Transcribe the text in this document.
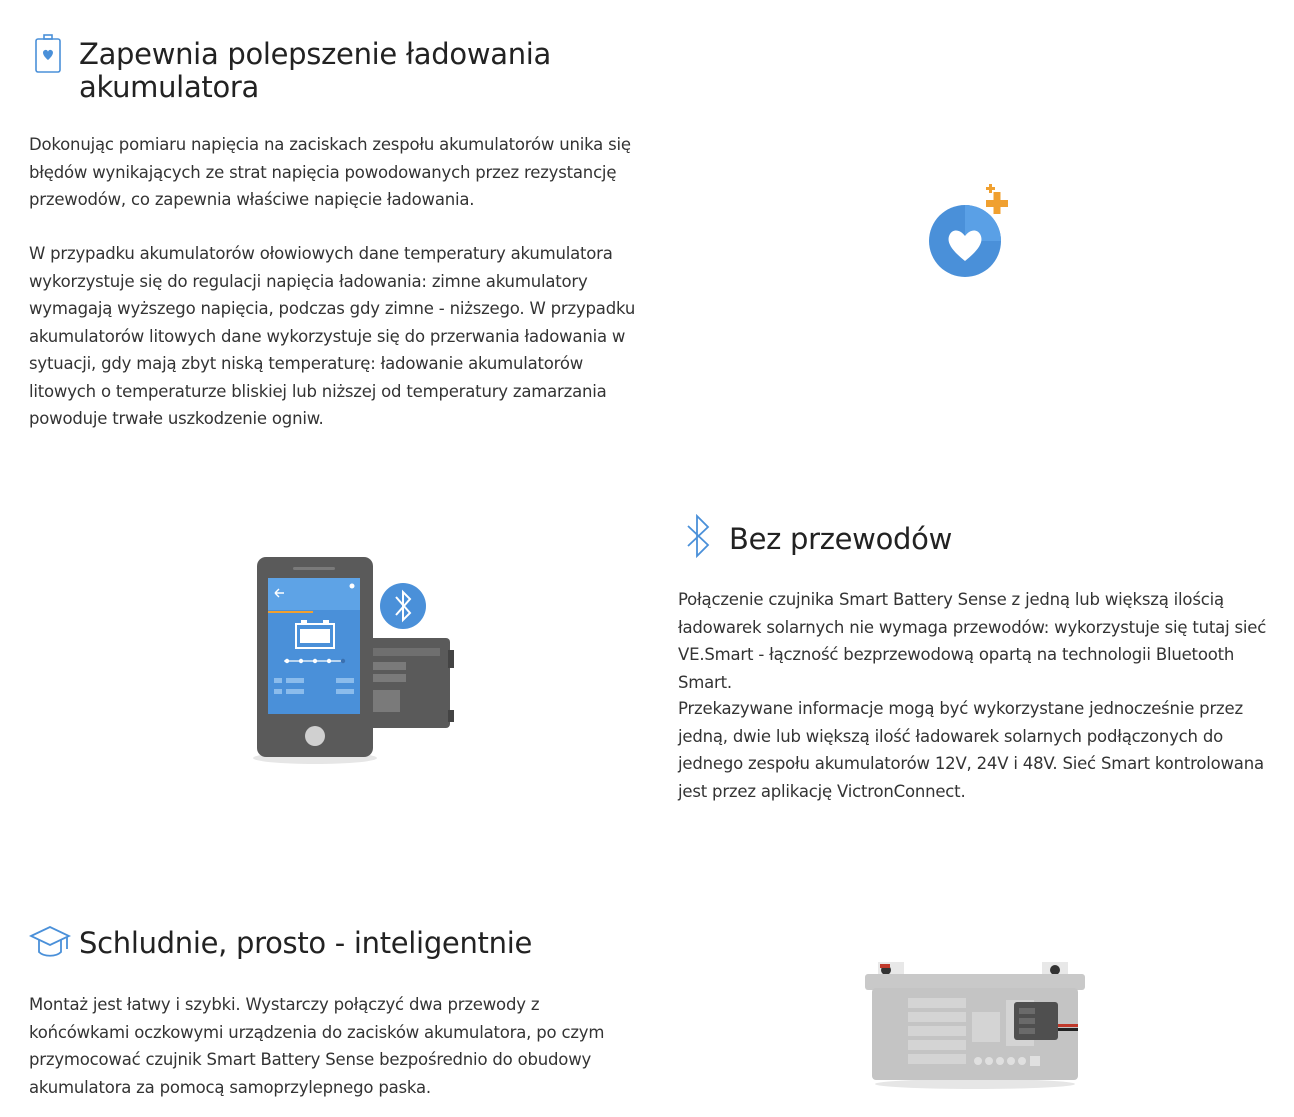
Zapewnia polepszenie ładowania akumulatora

Dokonując pomiaru napięcia na zaciskach zespołu akumulatorów unika się błędów wynikających ze strat napięcia powodowanych przez rezystancję przewodów, co zapewnia właściwe napięcie ładowania.

W przypadku akumulatorów ołowiowych dane temperatury akumulatora wykorzystuje się do regulacji napięcia ładowania: zimne akumulatory wymagają wyższego napięcia, podczas gdy zimne - niższego. W przypadku akumulatorów litowych dane wykorzystuje się do przerwania ładowania w sytuacji, gdy mają zbyt niską temperaturę: ładowanie akumulatorów litowych o temperaturze bliskiej lub niższej od temperatury zamarzania powoduje trwałe uszkodzenie ogniw.

Bez przewodów

Połączenie czujnika Smart Battery Sense z jedną lub większą ilością ładowarek solarnych nie wymaga przewodów: wykorzystuje się tutaj sieć VE.Smart - łączność bezprzewodową opartą na technologii Bluetooth Smart.

Przekazywane informacje mogą być wykorzystane jednocześnie przez jedną, dwie lub większą ilość ładowarek solarnych podłączonych do jednego zespołu akumulatorów 12V, 24V i 48V. Sieć Smart kontrolowana jest przez aplikację VictronConnect.

Schludnie, prosto - inteligentnie

Montaż jest łatwy i szybki. Wystarczy połączyć dwa przewody z końcówkami oczkowymi urządzenia do zacisków akumulatora, po czym przymocować czujnik Smart Battery Sense bezpośrednio do obudowy akumulatora za pomocą samoprzylepnego paska.
